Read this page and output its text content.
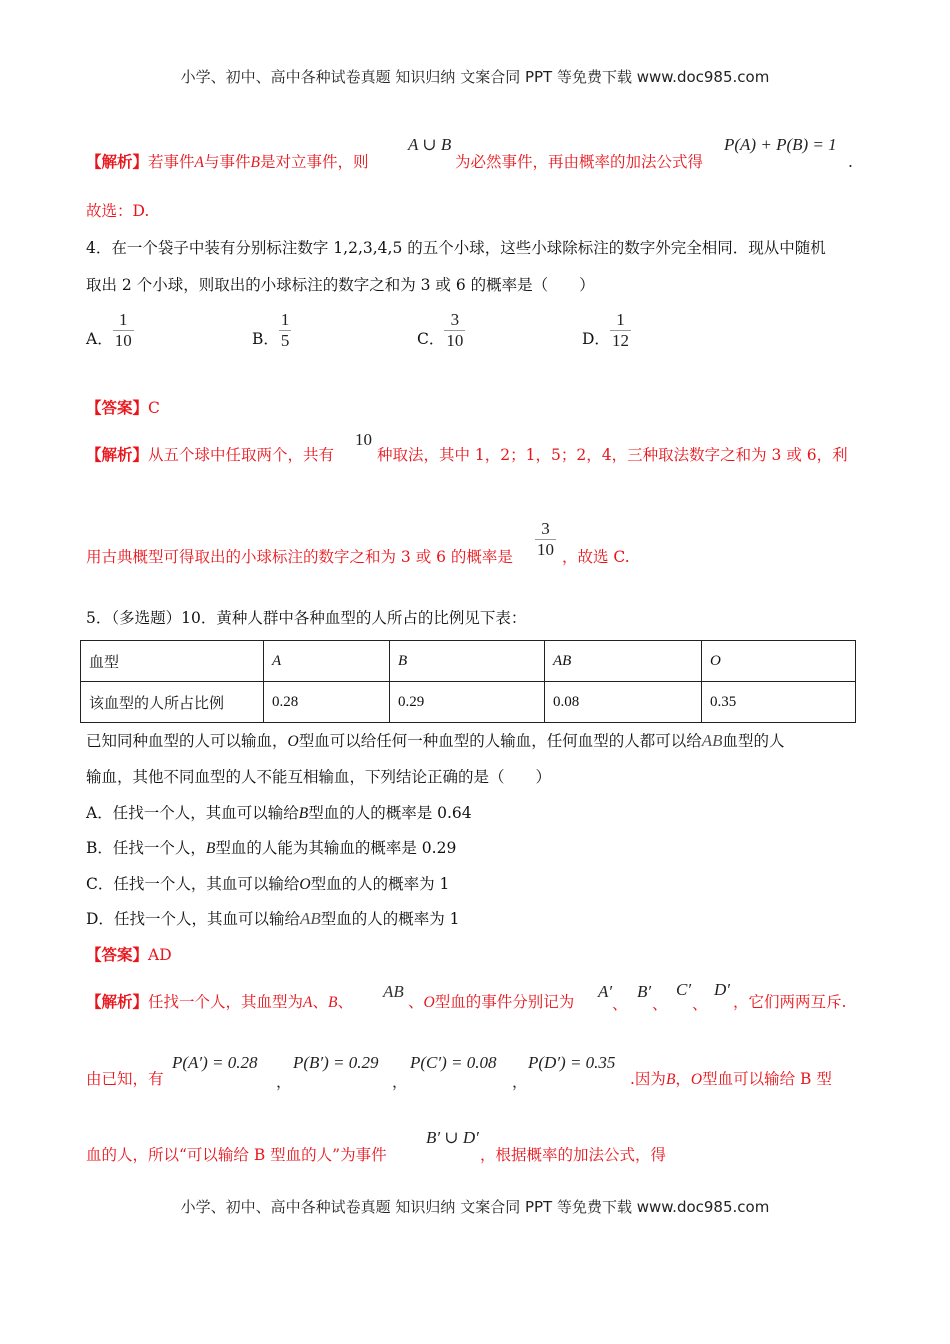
小学、初中、高中各种试卷真题 知识归纳 文案合同 PPT 等免费下载 www.doc985.com
【解析】若事件A与事件B是对立事件，则
A ∪ B
为必然事件，再由概率的加法公式得
P(A) + P(B) = 1
.
故选：D.
4．在一个袋子中装有分别标注数字 1,2,3,4,5 的五个小球，这些小球除标注的数字外完全相同．现从中随机
取出 2 个小球，则取出的小球标注的数字之和为 3 或 6 的概率是（　　）
A． $\frac{1}{10}$	B． $\frac{1}{5}$	C． $\frac{3}{10}$	D． $\frac{1}{12}$
【答案】C
【解析】从五个球中任取两个，共有
10
种取法，其中 1，2；1，5；2，4，三种取法数字之和为 3 或 6，利
用古典概型可得取出的小球标注的数字之和为 3 或 6 的概率是 $\frac{3}{10}$ ，故选 C.
5．（多选题）10．黄种人群中各种血型的人所占的比例见下表：
血型	A	B	AB	O
该血型的人所占比例	0.28	0.29	0.08	0.35
已知同种血型的人可以输血，O型血可以给任何一种血型的人输血，任何血型的人都可以给AB血型的人
输血，其他不同血型的人不能互相输血，下列结论正确的是（　　）
A．任找一个人，其血可以输给B型血的人的概率是 0.64
B．任找一个人，B型血的人能为其输血的概率是 0.29
C．任找一个人，其血可以输给O型血的人的概率为 1
D．任找一个人，其血可以输给AB型血的人的概率为 1
【答案】AD
【解析】任找一个人，其血型为A、B、
AB
、O型血的事件分别记为
A′
、
B′
、
C′
、
D′
，它们两两互斥.
由已知，有
P(A′) = 0.28
，
P(B′) = 0.29
，
P(C′) = 0.08
，
P(D′) = 0.35
.因为B，O型血可以输给 B 型
血的人，所以“可以输给 B 型血的人”为事件
B′ ∪ D′
，根据概率的加法公式，得
小学、初中、高中各种试卷真题 知识归纳 文案合同 PPT 等免费下载 www.doc985.com
